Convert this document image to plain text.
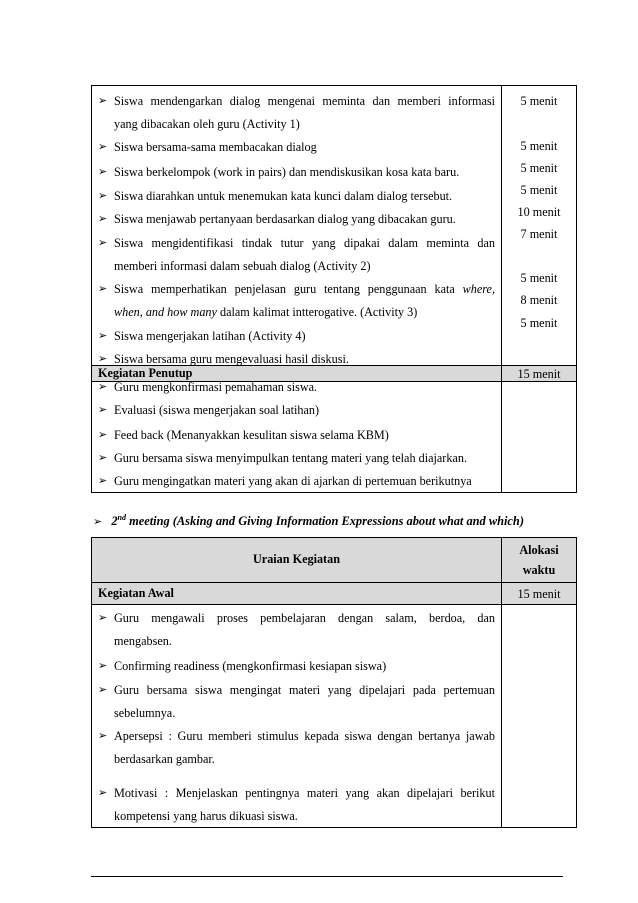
➢ Siswa mendengarkan dialog mengenai meminta dan memberi informasi
yang dibacakan oleh guru (Activity 1)
➢ Siswa bersama-sama membacakan dialog
➢ Siswa berkelompok (work in pairs) dan mendiskusikan kosa kata baru.
➢ Siswa diarahkan untuk menemukan kata kunci dalam dialog tersebut.
➢ Siswa menjawab pertanyaan berdasarkan dialog yang dibacakan guru.
➢ Siswa mengidentifikasi tindak tutur yang dipakai dalam meminta dan
memberi informasi dalam sebuah dialog (Activity 2)
➢ Siswa memperhatikan penjelasan guru tentang penggunaan kata where,
when, and how many dalam kalimat intterogative. (Activity 3)
➢ Siswa mengerjakan latihan (Activity 4)
➢ Siswa bersama guru mengevaluasi hasil diskusi.
5 menit
5 menit
5 menit
5 menit
10 menit
7 menit
5 menit
8 menit
5 menit
Kegiatan Penutup	15 menit
➢ Guru mengkonfirmasi pemahaman siswa.
➢ Evaluasi (siswa mengerjakan soal latihan)
➢ Feed back (Menanyakkan kesulitan siswa selama KBM)
➢ Guru bersama siswa menyimpulkan tentang materi yang telah diajarkan.
➢ Guru mengingatkan materi yang akan di ajarkan di pertemuan berikutnya
➢ 2nd meeting (Asking and Giving Information Expressions about what and which)
Uraian Kegiatan
Alokasi
waktu
Kegiatan Awal	15 menit
➢ Guru mengawali proses pembelajaran dengan salam, berdoa, dan
mengabsen.
➢ Confirming readiness (mengkonfirmasi kesiapan siswa)
➢ Guru bersama siswa mengingat materi yang dipelajari pada pertemuan
sebelumnya.
➢ Apersepsi : Guru memberi stimulus kepada siswa dengan bertanya jawab
berdasarkan gambar.
➢ Motivasi : Menjelaskan pentingnya materi yang akan dipelajari berikut
kompetensi yang harus dikuasi siswa.
